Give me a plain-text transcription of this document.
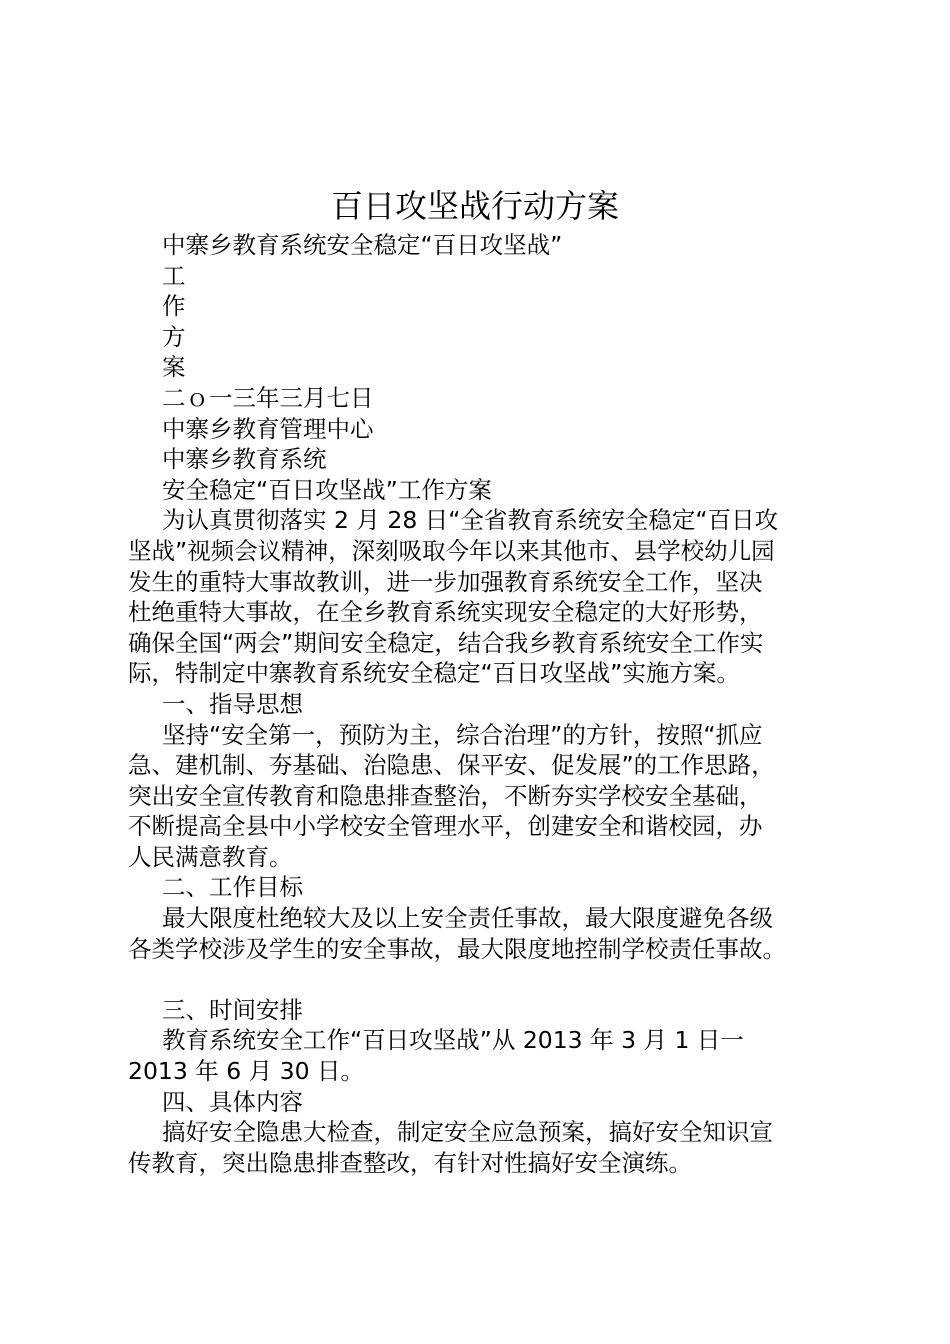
百日攻坚战行动方案
中寨乡教育系统安全稳定“百日攻坚战”
工
作
方
案
二ｏ一三年三月七日
中寨乡教育管理中心
中寨乡教育系统
安全稳定“百日攻坚战”工作方案
为认真贯彻落实 2 月 28 日“全省教育系统安全稳定“百日攻
坚战”视频会议精神，深刻吸取今年以来其他市、县学校幼儿园
发生的重特大事故教训，进一步加强教育系统安全工作，坚决
杜绝重特大事故，在全乡教育系统实现安全稳定的大好形势，
确保全国“两会”期间安全稳定，结合我乡教育系统安全工作实
际，特制定中寨教育系统安全稳定“百日攻坚战”实施方案。
一、指导思想
坚持“安全第一，预防为主，综合治理”的方针，按照“抓应
急、建机制、夯基础、治隐患、保平安、促发展”的工作思路，
突出安全宣传教育和隐患排查整治，不断夯实学校安全基础，
不断提高全县中小学校安全管理水平，创建安全和谐校园，办
人民满意教育。
二、工作目标
最大限度杜绝较大及以上安全责任事故，最大限度避免各级
各类学校涉及学生的安全事故，最大限度地控制学校责任事故。
三、时间安排
教育系统安全工作“百日攻坚战”从 2013 年 3 月 1 日一
2013 年 6 月 30 日。
四、具体内容
搞好安全隐患大检查，制定安全应急预案，搞好安全知识宣
传教育，突出隐患排查整改，有针对性搞好安全演练。
